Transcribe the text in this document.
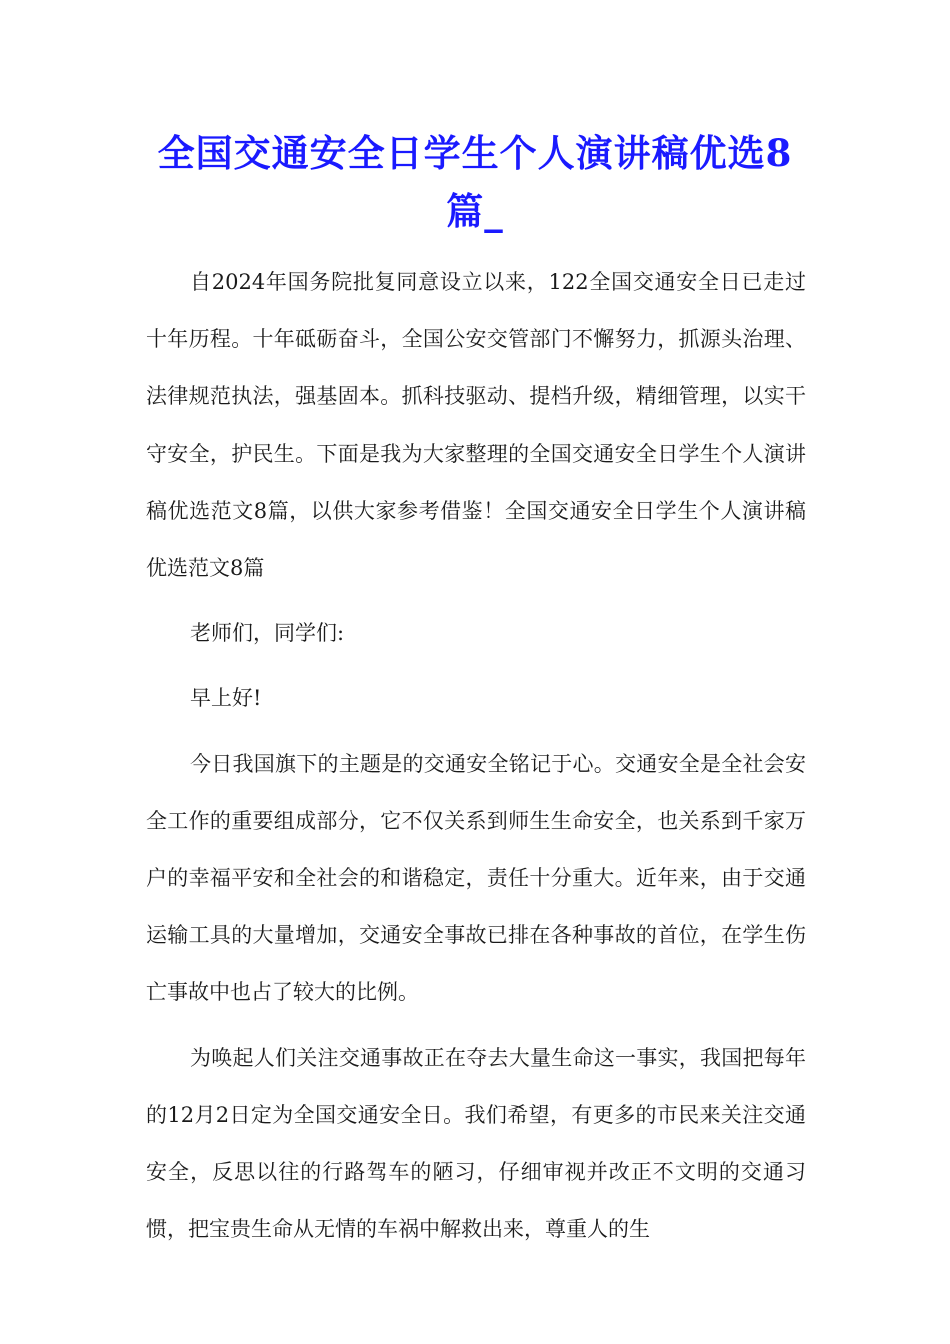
全国交通安全日学生个人演讲稿优选8篇_

自2024年国务院批复同意设立以来，122全国交通安全日已走过十年历程。十年砥砺奋斗，全国公安交管部门不懈努力，抓源头治理、法律规范执法，强基固本。抓科技驱动、提档升级，精细管理，以实干守安全，护民生。下面是我为大家整理的全国交通安全日学生个人演讲稿优选范文8篇，以供大家参考借鉴！全国交通安全日学生个人演讲稿优选范文8篇

老师们，同学们:

早上好!

今日我国旗下的主题是的交通安全铭记于心。交通安全是全社会安全工作的重要组成部分，它不仅关系到师生生命安全，也关系到千家万户的幸福平安和全社会的和谐稳定，责任十分重大。近年来，由于交通运输工具的大量增加，交通安全事故已排在各种事故的首位，在学生伤亡事故中也占了较大的比例。

为唤起人们关注交通事故正在夺去大量生命这一事实，我国把每年的12月2日定为全国交通安全日。我们希望，有更多的市民来关注交通安全，反思以往的行路驾车的陋习，仔细审视并改正不文明的交通习惯，把宝贵生命从无情的车祸中解救出来，尊重人的生
